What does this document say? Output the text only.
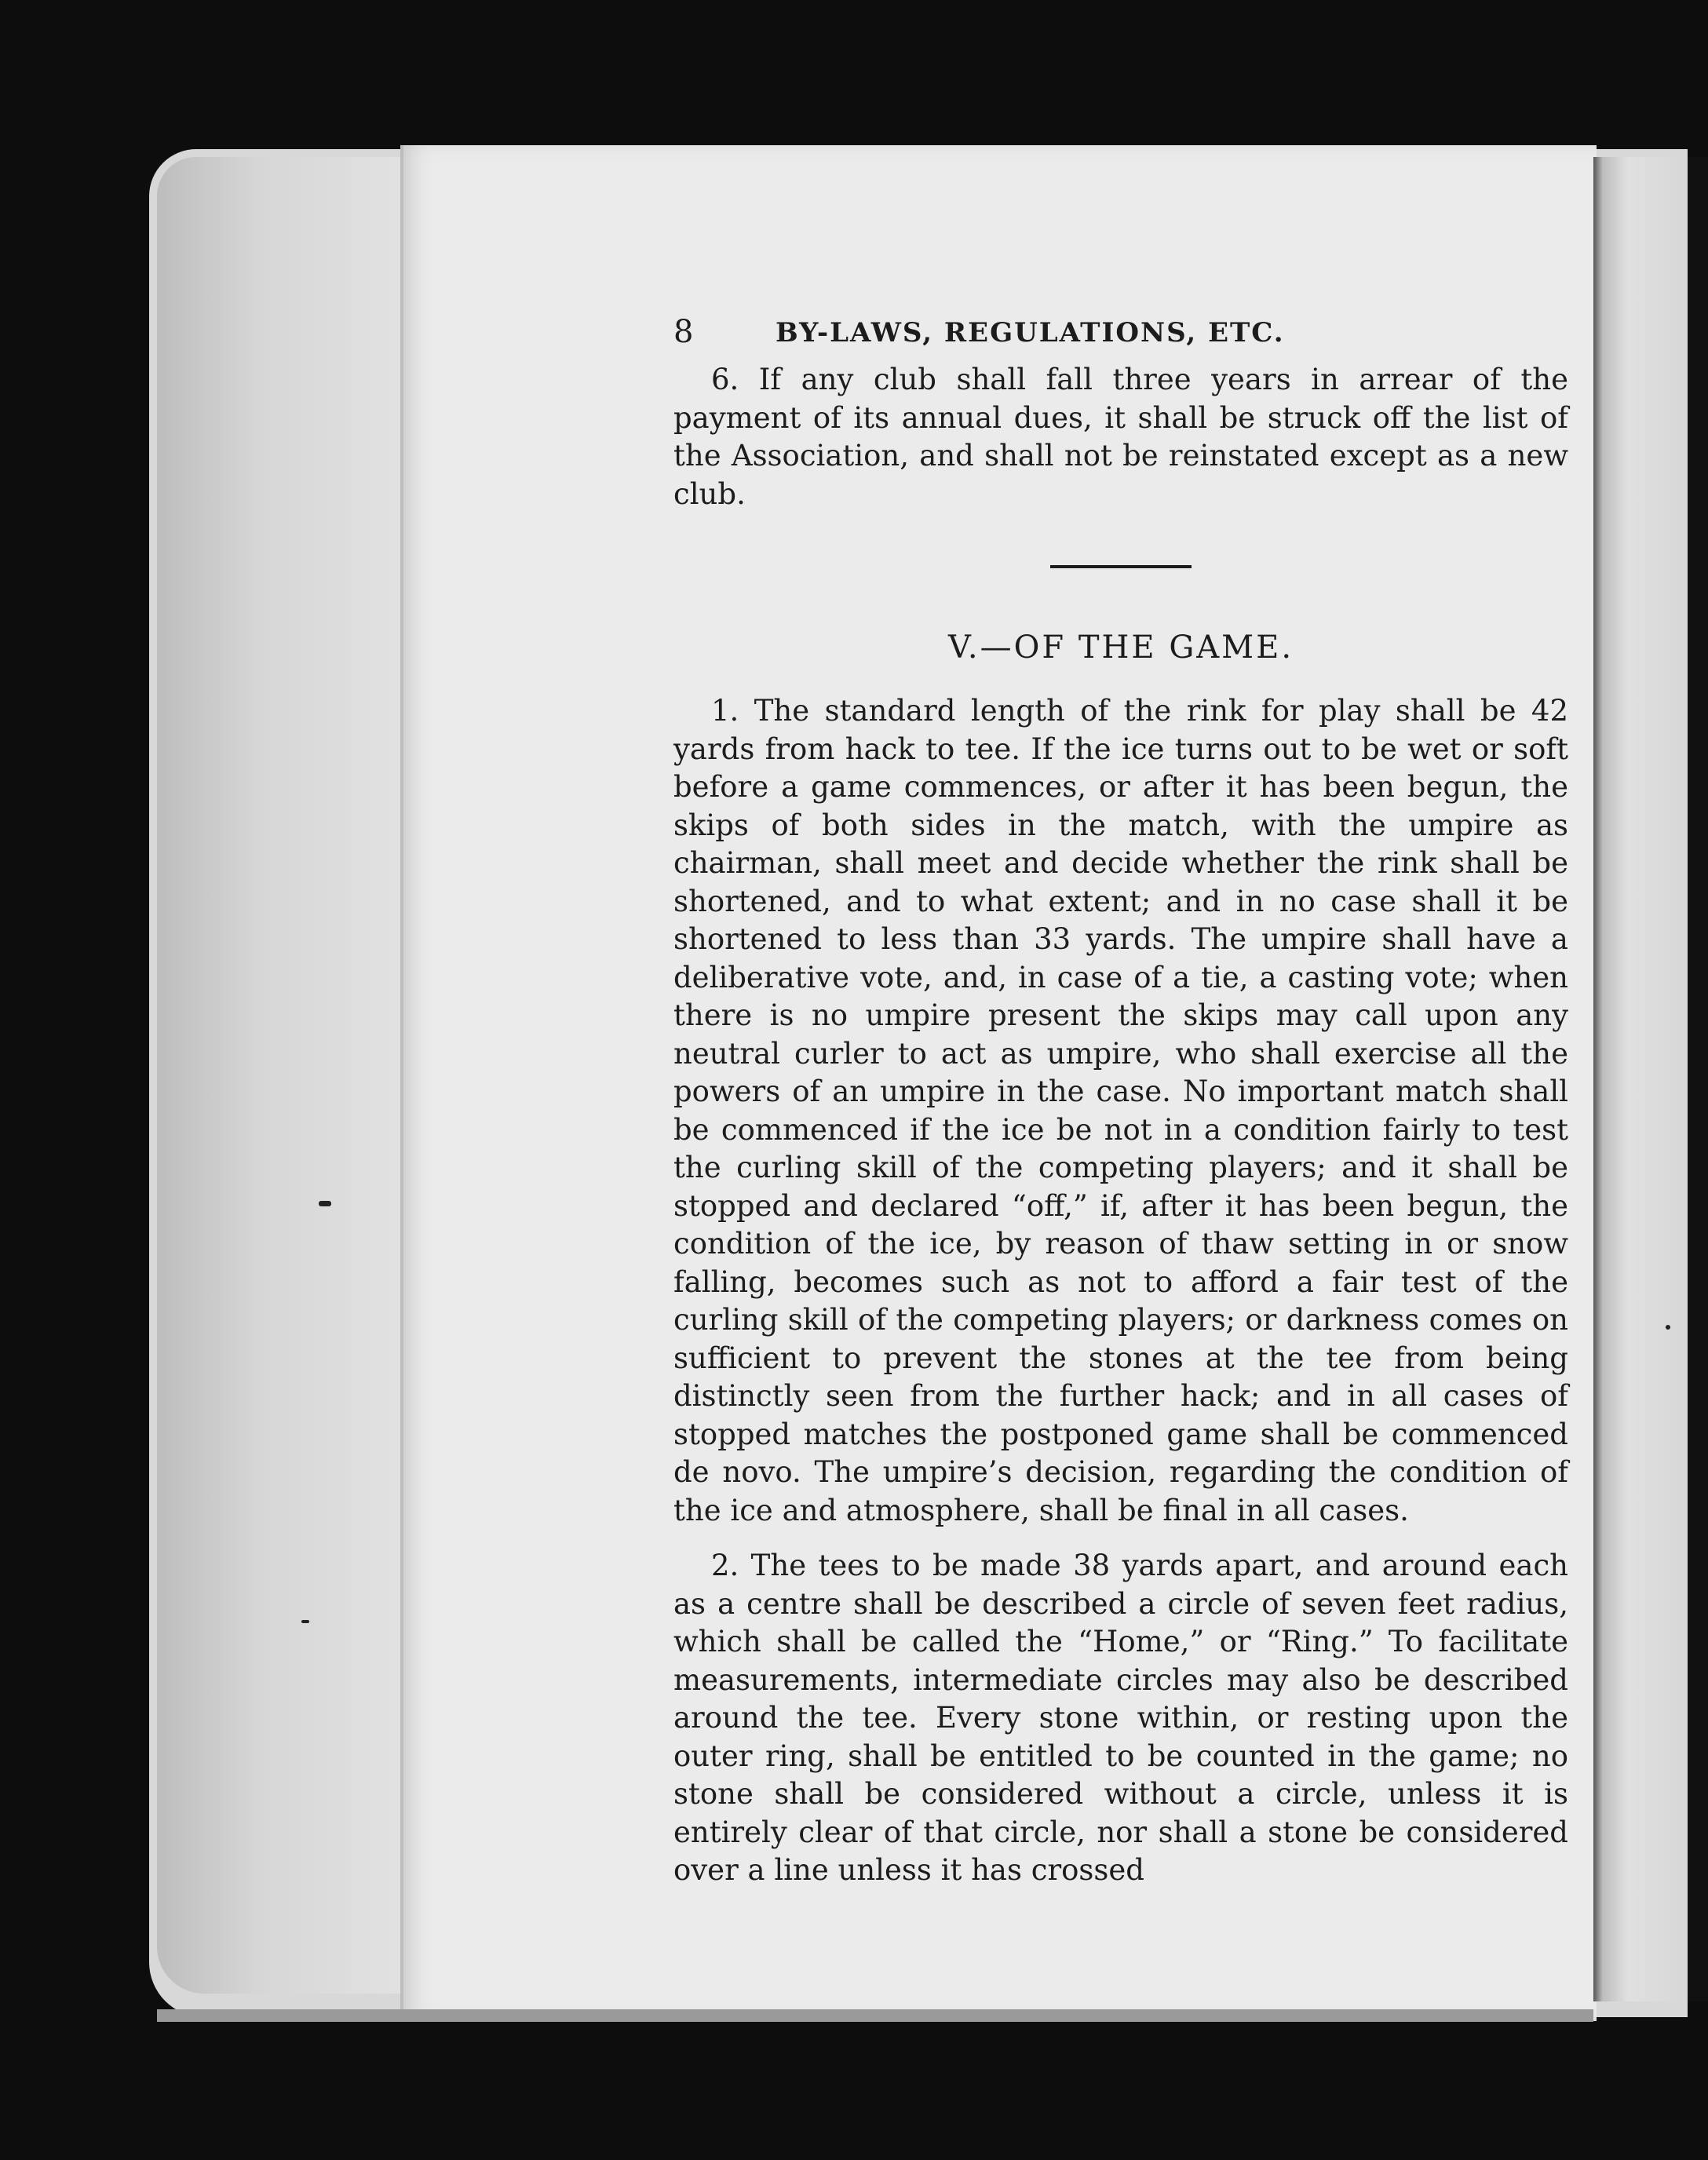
8	BY-LAWS, REGULATIONS, ETC.

6. If any club shall fall three years in arrear of the payment of its annual dues, it shall be struck off the list of the Association, and shall not be reinstated except as a new club.

V.—OF THE GAME.

1. The standard length of the rink for play shall be 42 yards from hack to tee. If the ice turns out to be wet or soft before a game commences, or after it has been begun, the skips of both sides in the match, with the umpire as chairman, shall meet and decide whether the rink shall be shortened, and to what extent; and in no case shall it be shortened to less than 33 yards. The umpire shall have a deliberative vote, and, in case of a tie, a casting vote; when there is no umpire present the skips may call upon any neutral curler to act as umpire, who shall exercise all the powers of an umpire in the case. No important match shall be commenced if the ice be not in a condition fairly to test the curling skill of the competing players; and it shall be stopped and declared “off,” if, after it has been begun, the condition of the ice, by reason of thaw setting in or snow falling, becomes such as not to afford a fair test of the curling skill of the competing players; or darkness comes on sufficient to prevent the stones at the tee from being distinctly seen from the further hack; and in all cases of stopped matches the postponed game shall be commenced de novo. The umpire’s decision, regarding the condition of the ice and atmosphere, shall be final in all cases.

2. The tees to be made 38 yards apart, and around each as a centre shall be described a circle of seven feet radius, which shall be called the “Home,” or “Ring.” To facilitate measurements, intermediate circles may also be described around the tee. Every stone within, or resting upon the outer ring, shall be entitled to be counted in the game; no stone shall be considered without a circle, unless it is entirely clear of that circle, nor shall a stone be considered over a line unless it has crossed
